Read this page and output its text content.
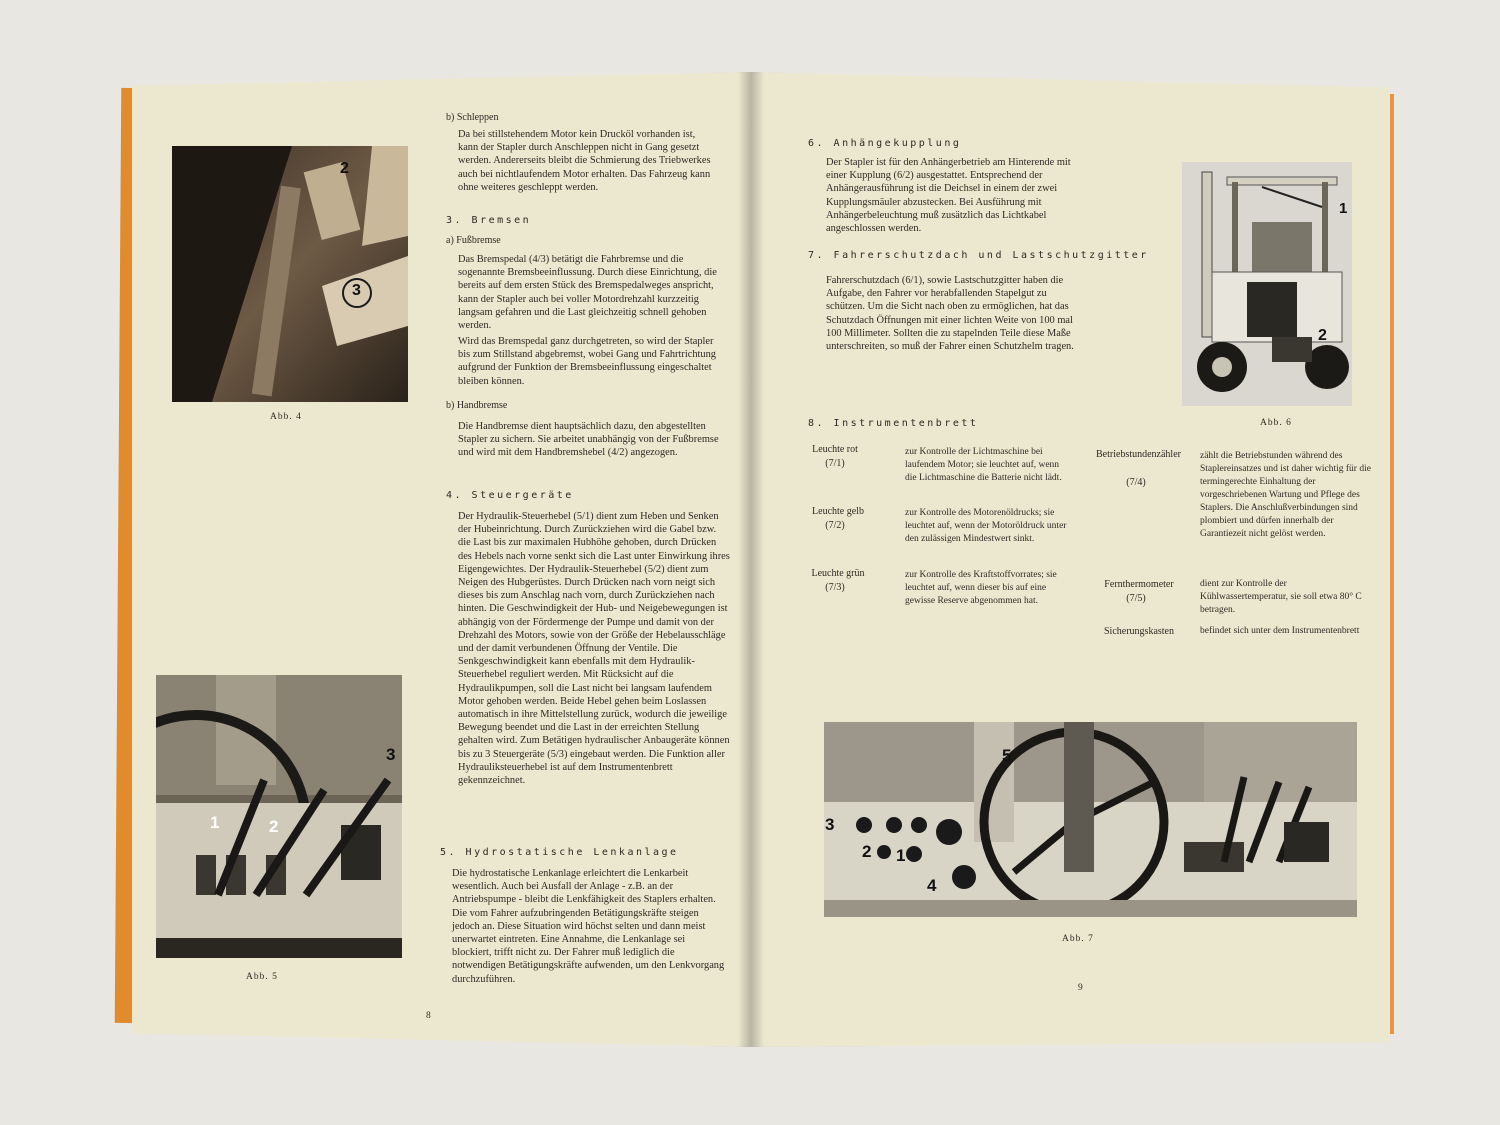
2
3
Abb. 4
1	2
3
Abb. 5
b) Schleppen
Da bei stillstehendem Motor kein Drucköl vorhanden ist, kann der Stapler durch Anschleppen nicht in Gang gesetzt werden. Andererseits bleibt die Schmierung des Triebwerkes auch bei nichtlaufendem Motor erhalten. Das Fahrzeug kann ohne weiteres geschleppt werden.
3. Bremsen
a) Fußbremse
Das Bremspedal (4/3) betätigt die Fahrbremse und die sogenannte Bremsbeeinflussung. Durch diese Einrichtung, die bereits auf dem ersten Stück des Bremspedalweges anspricht, kann der Stapler auch bei voller Motordrehzahl kurzzeitig langsam gefahren und die Last gleichzeitig schnell gehoben werden.
Wird das Bremspedal ganz durchgetreten, so wird der Stapler bis zum Stillstand abgebremst, wobei Gang und Fahrtrichtung aufgrund der Funktion der Bremsbeeinflussung eingeschaltet bleiben können.
b) Handbremse
Die Handbremse dient hauptsächlich dazu, den abgestellten Stapler zu sichern. Sie arbeitet unabhängig von der Fußbremse und wird mit dem Handbremshebel (4/2) angezogen.
4. Steuergeräte
Der Hydraulik-Steuerhebel (5/1) dient zum Heben und Senken der Hubeinrichtung. Durch Zurückziehen wird die Gabel bzw. die Last bis zur maximalen Hubhöhe gehoben, durch Drücken des Hebels nach vorne senkt sich die Last unter Einwirkung ihres Eigengewichtes. Der Hydraulik-Steuerhebel (5/2) dient zum Neigen des Hubgerüstes. Durch Drücken nach vorn neigt sich dieses bis zum Anschlag nach vorn, durch Zurückziehen nach hinten. Die Geschwindigkeit der Hub- und Neigebewegungen ist abhängig von der Fördermenge der Pumpe und damit von der Drehzahl des Motors, sowie von der Größe der Hebelausschläge und der damit verbundenen Öffnung der Ventile. Die Senkgeschwindigkeit kann ebenfalls mit dem Hydraulik-Steuerhebel reguliert werden. Mit Rücksicht auf die Hydraulikpumpen, soll die Last nicht bei langsam laufendem Motor gehoben werden. Beide Hebel gehen beim Loslassen automatisch in ihre Mittelstellung zurück, wodurch die jeweilige Bewegung beendet und die Last in der erreichten Stellung gehalten wird. Zum Betätigen hydraulischer Anbaugeräte können bis zu 3 Steuergeräte (5/3) eingebaut werden. Die Funktion aller Hydrauliksteuerhebel ist auf dem Instrumentenbrett gekennzeichnet.
5. Hydrostatische Lenkanlage
Die hydrostatische Lenkanlage erleichtert die Lenkarbeit wesentlich. Auch bei Ausfall der Anlage - z.B. an der Antriebspumpe - bleibt die Lenkfähigkeit des Staplers erhalten. Die vom Fahrer aufzubringenden Betätigungskräfte steigen jedoch an. Diese Situation wird höchst selten und dann meist unerwartet eintreten. Eine Annahme, die Lenkanlage sei blockiert, trifft nicht zu. Der Fahrer muß lediglich die notwendigen Betätigungskräfte aufwenden, um den Lenkvorgang durchzuführen.
8
6. Anhängekupplung
Der Stapler ist für den Anhängerbetrieb am Hinterende mit einer Kupplung (6/2) ausgestattet. Entsprechend der Anhängerausführung ist die Deichsel in einem der zwei Kupplungsmäuler abzustecken. Bei Ausführung mit Anhängerbeleuchtung muß zusätzlich das Lichtkabel angeschlossen werden.
7. Fahrerschutzdach und Lastschutzgitter
Fahrerschutzdach (6/1), sowie Lastschutzgitter haben die Aufgabe, den Fahrer vor herabfallenden Stapelgut zu schützen. Um die Sicht nach oben zu ermöglichen, hat das Schutzdach Öffnungen mit einer lichten Weite von 100 mal 100 Millimeter. Sollten die zu stapelnden Teile diese Maße unterschreiten, so muß der Fahrer einen Schutzhelm tragen.
1
2
Abb. 6
8. Instrumentenbrett
Leuchte rot
(7/1)
zur Kontrolle der Lichtmaschine bei laufendem Motor; sie leuchtet auf, wenn die Lichtmaschine die Batterie nicht lädt.
Leuchte gelb
(7/2)
zur Kontrolle des Motorenöldrucks; sie leuchtet auf, wenn der Motoröldruck unter den zulässigen Mindestwert sinkt.
Leuchte grün
(7/3)
zur Kontrolle des Kraftstoffvorrates; sie leuchtet auf, wenn dieser bis auf eine gewisse Reserve abgenommen hat.
Betriebstundenzähler
(7/4)
zählt die Betriebstunden während des Staplereinsatzes und ist daher wichtig für die termingerechte Einhaltung der vorgeschriebenen Wartung und Pflege des Staplers. Die Anschlußverbindungen sind plombiert und dürfen innerhalb der Garantiezeit nicht gelöst werden.
Fernthermometer
(7/5)
dient zur Kontrolle der Kühlwassertemperatur, sie soll etwa 80° C betragen.
Sicherungskasten	befindet sich unter dem Instrumentenbrett
1
2
3
4
5
Abb. 7
9
